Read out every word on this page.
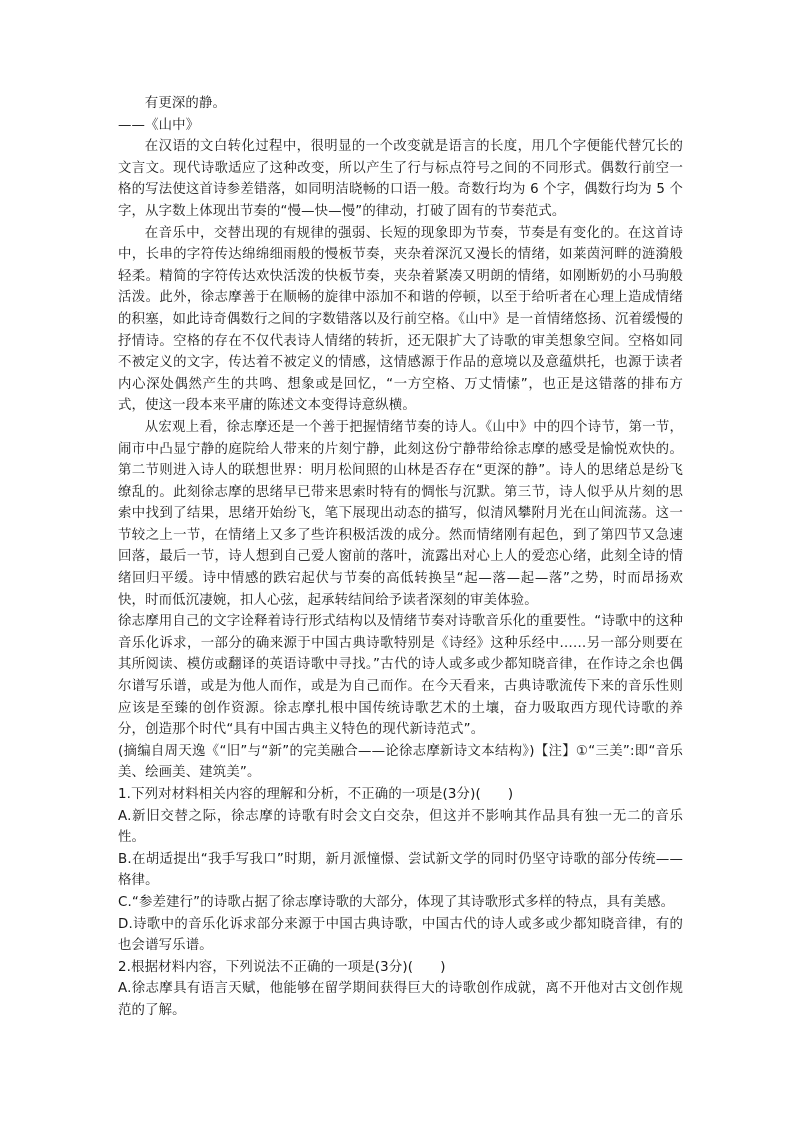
有更深的静。

——《山中》

在汉语的文白转化过程中，很明显的一个改变就是语言的长度，用几个字便能代替冗长的文言文。现代诗歌适应了这种改变，所以产生了行与标点符号之间的不同形式。偶数行前空一格的写法使这首诗参差错落，如同明洁晓畅的口语一般。奇数行均为 6 个字，偶数行均为 5 个字，从字数上体现出节奏的“慢—快—慢”的律动，打破了固有的节奏范式。

在音乐中，交替出现的有规律的强弱、长短的现象即为节奏，节奏是有变化的。在这首诗中，长串的字符传达绵绵细雨般的慢板节奏，夹杂着深沉又漫长的情绪，如莱茵河畔的涟漪般轻柔。精简的字符传达欢快活泼的快板节奏，夹杂着紧凑又明朗的情绪，如刚断奶的小马驹般活泼。此外，徐志摩善于在顺畅的旋律中添加不和谐的停顿，以至于给听者在心理上造成情绪的积塞，如此诗奇偶数行之间的字数错落以及行前空格。《山中》是一首情绪悠扬、沉着缓慢的抒情诗。空格的存在不仅代表诗人情绪的转折，还无限扩大了诗歌的审美想象空间。空格如同不被定义的文字，传达着不被定义的情感，这情感源于作品的意境以及意蕴烘托，也源于读者内心深处偶然产生的共鸣、想象或是回忆，“一方空格、万丈情愫”，也正是这错落的排布方式，使这一段本来平庸的陈述文本变得诗意纵横。

从宏观上看，徐志摩还是一个善于把握情绪节奏的诗人。《山中》中的四个诗节，第一节，闹市中凸显宁静的庭院给人带来的片刻宁静，此刻这份宁静带给徐志摩的感受是愉悦欢快的。第二节则进入诗人的联想世界：明月松间照的山林是否存在“更深的静”。诗人的思绪总是纷飞缭乱的。此刻徐志摩的思绪早已带来思索时特有的惆怅与沉默。第三节，诗人似乎从片刻的思索中找到了结果，思绪开始纷飞，笔下展现出动态的描写，似清风攀附月光在山间流荡。这一节较之上一节，在情绪上又多了些许积极活泼的成分。然而情绪刚有起色，到了第四节又急速回落，最后一节，诗人想到自己爱人窗前的落叶，流露出对心上人的爱恋心绪，此刻全诗的情绪回归平缓。诗中情感的跌宕起伏与节奏的高低转换呈“起—落—起—落”之势，时而昂扬欢快，时而低沉凄婉，扣人心弦，起承转结间给予读者深刻的审美体验。

徐志摩用自己的文字诠释着诗行形式结构以及情绪节奏对诗歌音乐化的重要性。“诗歌中的这种音乐化诉求，一部分的确来源于中国古典诗歌特别是《诗经》这种乐经中……另一部分则要在其所阅读、模仿或翻译的英语诗歌中寻找。”古代的诗人或多或少都知晓音律，在作诗之余也偶尔谱写乐谱，或是为他人而作，或是为自己而作。在今天看来，古典诗歌流传下来的音乐性则应该是至臻的创作资源。徐志摩扎根中国传统诗歌艺术的土壤，奋力吸取西方现代诗歌的养分，创造那个时代“具有中国古典主义特色的现代新诗范式”。

(摘编自周天逸《“旧”与“新”的完美融合——论徐志摩新诗文本结构》)【注】①“三美”:即“音乐美、绘画美、建筑美”。

1.下列对材料相关内容的理解和分析，不正确的一项是(3分)(　　)

A.新旧交替之际，徐志摩的诗歌有时会文白交杂，但这并不影响其作品具有独一无二的音乐性。

B.在胡适提出“我手写我口”时期，新月派憧憬、尝试新文学的同时仍坚守诗歌的部分传统——格律。

C.“参差建行”的诗歌占据了徐志摩诗歌的大部分，体现了其诗歌形式多样的特点，具有美感。

D.诗歌中的音乐化诉求部分来源于中国古典诗歌，中国古代的诗人或多或少都知晓音律，有的也会谱写乐谱。

2.根据材料内容，下列说法不正确的一项是(3分)(　　)

A.徐志摩具有语言天赋，他能够在留学期间获得巨大的诗歌创作成就，离不开他对古文创作规范的了解。
